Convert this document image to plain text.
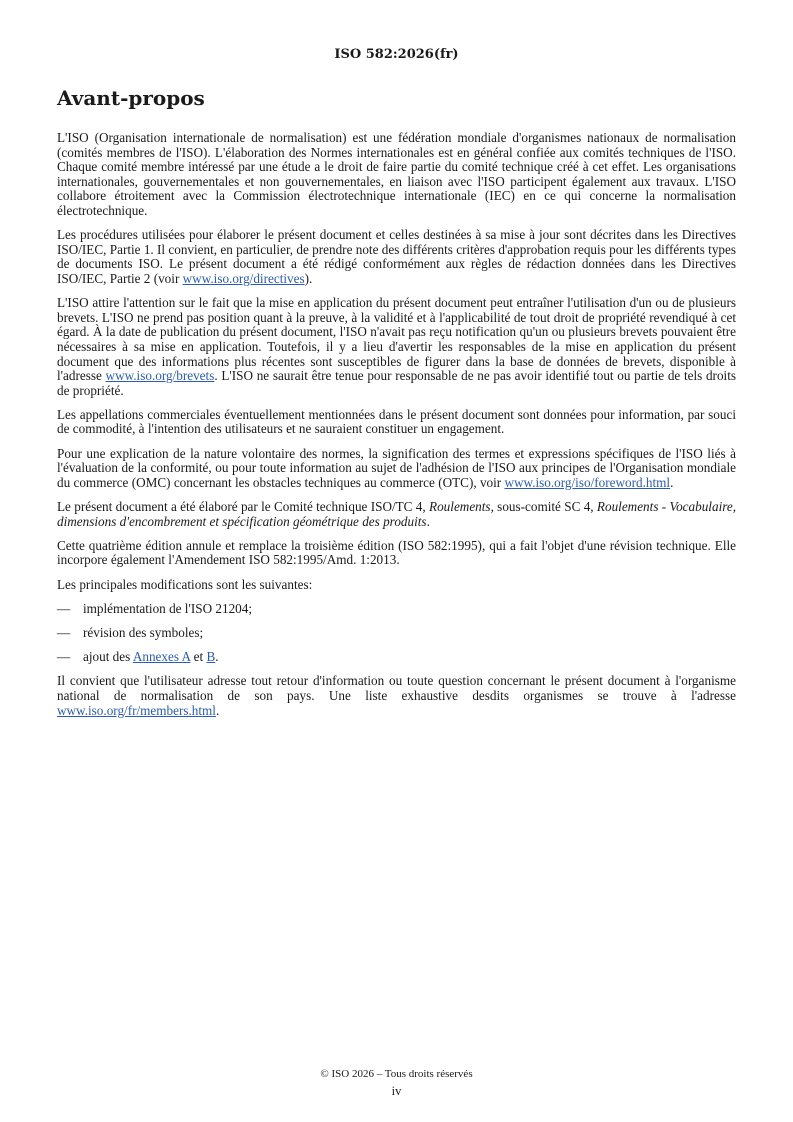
ISO 582:2026(fr)
Avant-propos

L'ISO (Organisation internationale de normalisation) est une fédération mondiale d'organismes nationaux de normalisation (comités membres de l'ISO). L'élaboration des Normes internationales est en général confiée aux comités techniques de l'ISO. Chaque comité membre intéressé par une étude a le droit de faire partie du comité technique créé à cet effet. Les organisations internationales, gouvernementales et non gouvernementales, en liaison avec l'ISO participent également aux travaux. L'ISO collabore étroitement avec la Commission électrotechnique internationale (IEC) en ce qui concerne la normalisation électrotechnique.

Les procédures utilisées pour élaborer le présent document et celles destinées à sa mise à jour sont décrites dans les Directives ISO/IEC, Partie 1. Il convient, en particulier, de prendre note des différents critères d'approbation requis pour les différents types de documents ISO. Le présent document a été rédigé conformément aux règles de rédaction données dans les Directives ISO/IEC, Partie 2 (voir www.iso.org/directives).

L'ISO attire l'attention sur le fait que la mise en application du présent document peut entraîner l'utilisation d'un ou de plusieurs brevets. L'ISO ne prend pas position quant à la preuve, à la validité et à l'applicabilité de tout droit de propriété revendiqué à cet égard. À la date de publication du présent document, l'ISO n'avait pas reçu notification qu'un ou plusieurs brevets pouvaient être nécessaires à sa mise en application. Toutefois, il y a lieu d'avertir les responsables de la mise en application du présent document que des informations plus récentes sont susceptibles de figurer dans la base de données de brevets, disponible à l'adresse www.iso.org/brevets. L'ISO ne saurait être tenue pour responsable de ne pas avoir identifié tout ou partie de tels droits de propriété.

Les appellations commerciales éventuellement mentionnées dans le présent document sont données pour information, par souci de commodité, à l'intention des utilisateurs et ne sauraient constituer un engagement.

Pour une explication de la nature volontaire des normes, la signification des termes et expressions spécifiques de l'ISO liés à l'évaluation de la conformité, ou pour toute information au sujet de l'adhésion de l'ISO aux principes de l'Organisation mondiale du commerce (OMC) concernant les obstacles techniques au commerce (OTC), voir www.iso.org/iso/foreword.html.

Le présent document a été élaboré par le Comité technique ISO/TC 4, Roulements, sous-comité SC 4, Roulements - Vocabulaire, dimensions d'encombrement et spécification géométrique des produits.

Cette quatrième édition annule et remplace la troisième édition (ISO 582:1995), qui a fait l'objet d'une révision technique. Elle incorpore également l'Amendement ISO 582:1995/Amd. 1:2013.

Les principales modifications sont les suivantes:

— implémentation de l'ISO 21204;
— révision des symboles;
— ajout des Annexes A et B.

Il convient que l'utilisateur adresse tout retour d'information ou toute question concernant le présent document à l'organisme national de normalisation de son pays. Une liste exhaustive desdits organismes se trouve à l'adresse www.iso.org/fr/members.html.

© ISO 2026 – Tous droits réservés
iv
